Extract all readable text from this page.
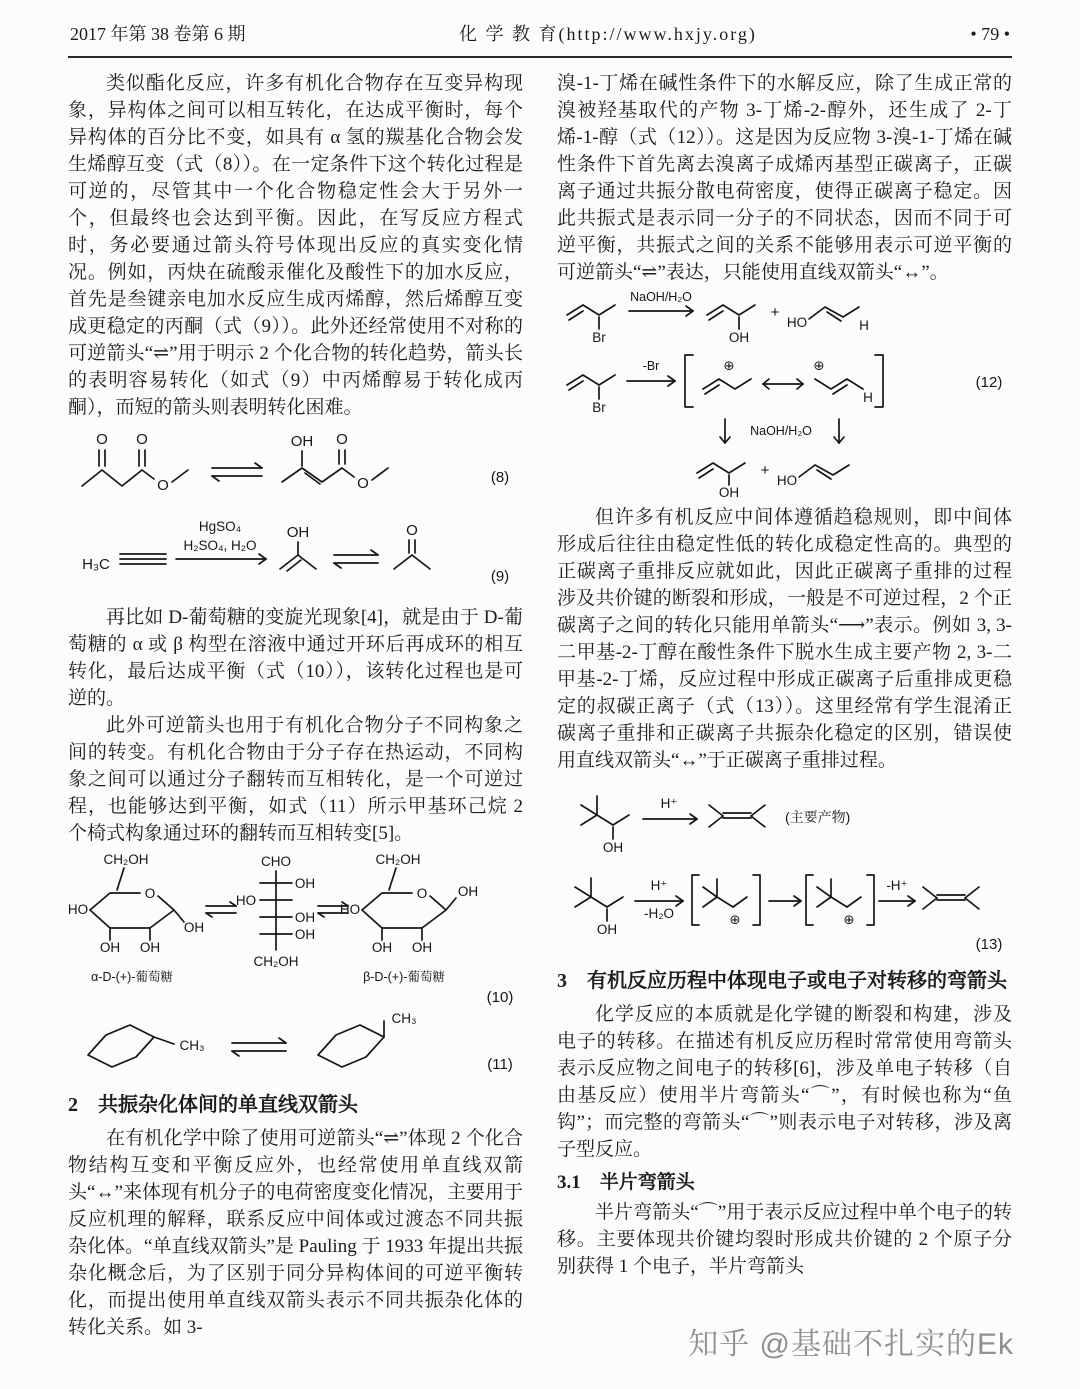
2017 年第 38 卷第 6 期	化 学 教 育(http://www.hxjy.org)	• 79 •

类似酯化反应，许多有机化合物存在互变异构现象，异构体之间可以相互转化，在达成平衡时，每个异构体的百分比不变，如具有 α 氢的羰基化合物会发生烯醇互变（式（8））。在一定条件下这个转化过程是可逆的，尽管其中一个化合物稳定性会大于另外一个，但最终也会达到平衡。因此，在写反应方程式时，务必要通过箭头符号体现出反应的真实变化情况。例如，丙炔在硫酸汞催化及酸性下的加水反应，首先是叁键亲电加水反应生成丙烯醇，然后烯醇互变成更稳定的丙酮（式（9））。此外还经常使用不对称的可逆箭头“⇌”用于明示 2 个化合物的转化趋势，箭头长的表明容易转化（如式（9）中丙烯醇易于转化成丙酮），而短的箭头则表明转化困难。

O O
O
OH O
O	(8)
H₃C
HgSO₄
H₂SO₄, H₂O
OH	O
(9)

再比如 D-葡萄糖的变旋光现象[4]，就是由于 D-葡萄糖的 α 或 β 构型在溶液中通过开环后再成环的相互转化，最后达成平衡（式（10）），该转化过程也是可逆的。

此外可逆箭头也用于有机化合物分子不同构象之间的转变。有机化合物由于分子存在热运动，不同构象之间可以通过分子翻转而互相转化，是一个可逆过程，也能够达到平衡，如式（11）所示甲基环己烷 2 个椅式构象通过环的翻转而互相转变[5]。

CH₂OH
O
OH
OH
OH
HO
α-D-(+)-葡萄糖
CHO
OH
HO
OH
OH
CH₂OH
CH₂OH
O OH
OH
OH
HO
β-D-(+)-葡萄糖
(10)
CH₃
CH₃
(11)
2　共振杂化体间的单直线双箭头

在有机化学中除了使用可逆箭头“⇌”体现 2 个化合物结构互变和平衡反应外，也经常使用单直线双箭头“↔”来体现有机分子的电荷密度变化情况，主要用于反应机理的解释，联系反应中间体或过渡态不同共振杂化体。“单直线双箭头”是 Pauling 于 1933 年提出共振杂化概念后，为了区别于同分异构体间的可逆平衡转化，而提出使用单直线双箭头表示不同共振杂化体的转化关系。如 3-

溴-1-丁烯在碱性条件下的水解反应，除了生成正常的溴被羟基取代的产物 3-丁烯-2-醇外，还生成了 2-丁烯-1-醇（式（12））。这是因为反应物 3-溴-1-丁烯在碱性条件下首先离去溴离子成烯丙基型正碳离子，正碳离子通过共振分散电荷密度，使得正碳离子稳定。因此共振式是表示同一分子的不同状态，因而不同于可逆平衡，共振式之间的关系不能够用表示可逆平衡的可逆箭头“⇌”表达，只能使用直线双箭头“↔”。

Br
NaOH/H₂O
OH
+
HO	H
Br
-Br	⊕	⊕
H
(12)
NaOH/H₂O
OH
+
HO

但许多有机反应中间体遵循趋稳规则，即中间体形成后往往由稳定性低的转化成稳定性高的。典型的正碳离子重排反应就如此，因此正碳离子重排的过程涉及共价键的断裂和形成，一般是不可逆过程，2 个正碳离子之间的转化只能用单箭头“⟶”表示。例如 3, 3-二甲基-2-丁醇在酸性条件下脱水生成主要产物 2, 3-二甲基-2-丁烯，反应过程中形成正碳离子后重排成更稳定的叔碳正离子（式（13））。这里经常有学生混淆正碳离子重排和正碳离子共振杂化稳定的区别，错误使用直线双箭头“↔”于正碳离子重排过程。

OH
H⁺
(主要产物)
OH
H⁺
-H₂O	⊕	⊕
-H⁺
(13)
3　有机反应历程中体现电子或电子对转移的弯箭头

化学反应的本质就是化学键的断裂和构建，涉及电子的转移。在描述有机反应历程时常常使用弯箭头表示反应物之间电子的转移[6]，涉及单电子转移（自由基反应）使用半片弯箭头“⌒”，有时候也称为“鱼钩”；而完整的弯箭头“⌒”则表示电子对转移，涉及离子型反应。

3.1　半片弯箭头

半片弯箭头“⌒”用于表示反应过程中单个电子的转移。主要体现共价键均裂时形成共价键的 2 个原子分别获得 1 个电子，半片弯箭头

知乎 @基础不扎实的Ek
